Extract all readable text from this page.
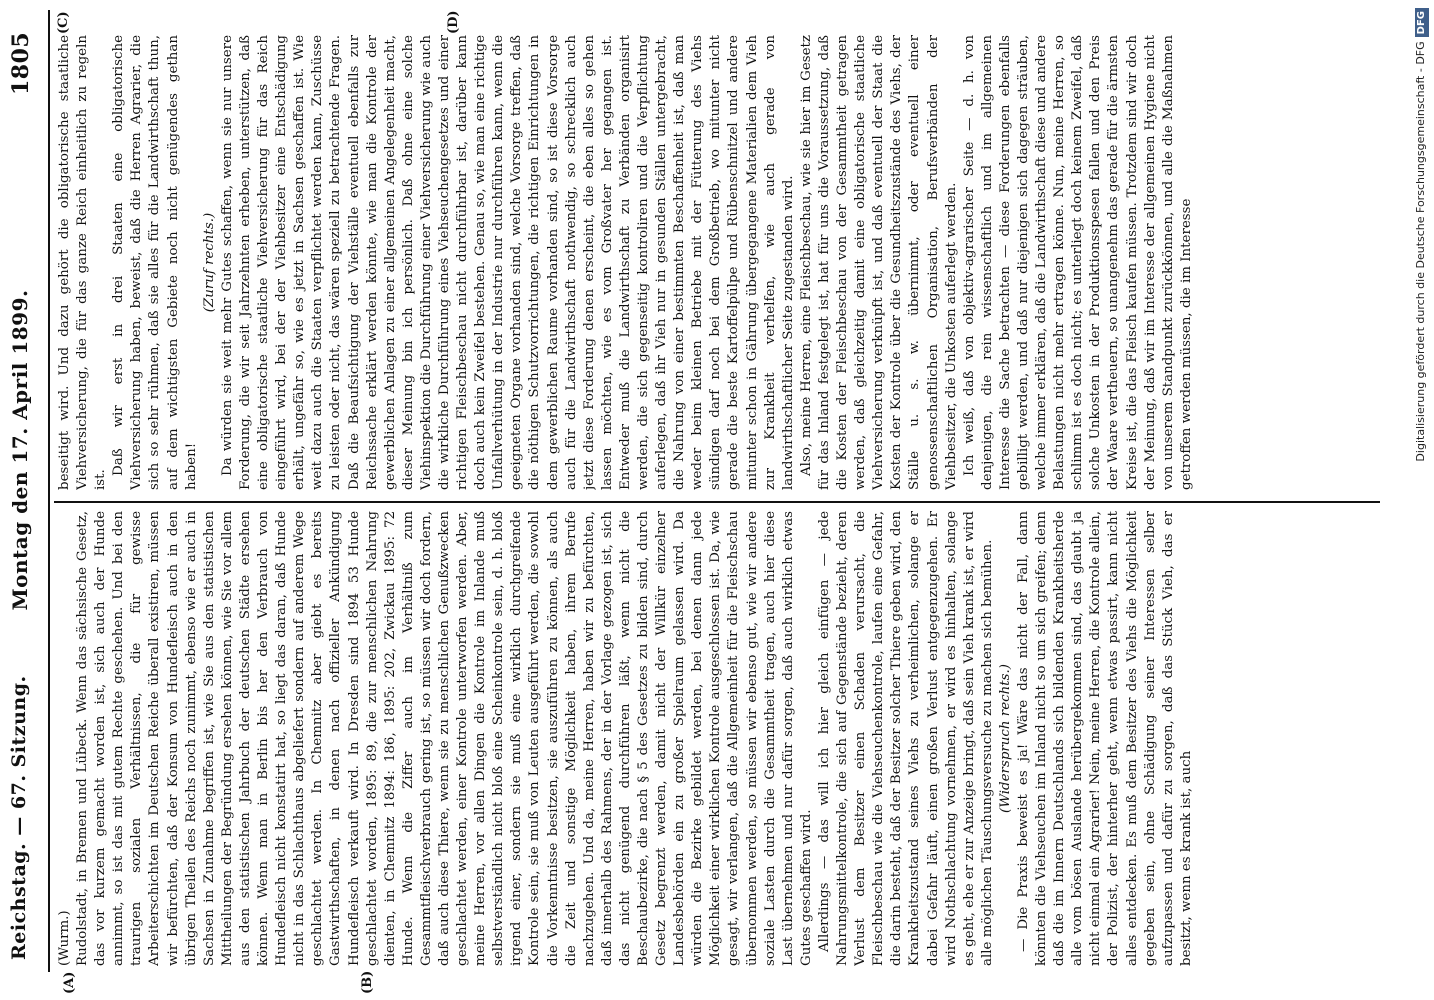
Reichstag. — 67. Sitzung.
Montag den 17. April 1899.
1805
(A)	(B)
(C)	(D)

(Wurm.) Rudolstadt, in Bremen und Lübeck. Wenn das sächsische Gesetz, das vor kurzem gemacht worden ist, sich auch der Hunde annimmt, so ist das mit gutem Rechte geschehen. Und bei den traurigen sozialen Verhältnissen, die für gewisse Arbeiterschichten im Deutschen Reiche überall existiren, müssen wir befürchten, daß der Konsum von Hundefleisch auch in den übrigen Theilen des Reichs noch zunimmt, ebenso wie er auch in Sachsen in Zunahme begriffen ist, wie Sie aus den statistischen Mittheilungen der Begründung ersehen können, wie Sie vor allem aus den statistischen Jahrbuch der deutschen Städte ersehen können. Wenn man in Berlin bis her den Verbrauch von Hundefleisch nicht konstatirt hat, so liegt das daran, daß Hunde nicht in das Schlachthaus abgeliefert sondern auf anderem Wege geschlachtet werden. In Chemnitz aber giebt es bereits Gastwirthschaften, in denen nach offizieller Ankündigung Hundefleisch verkauft wird. In Dresden sind 1894 53 Hunde geschlachtet worden, 1895: 89, die zur menschlichen Nahrung dienten, in Chemnitz 1894: 186, 1895: 202, Zwickau 1895: 72 Hunde. Wenn die Ziffer auch im Verhältniß zum Gesammtfleischverbrauch gering ist, so müssen wir doch fordern, daß auch diese Thiere, wenn sie zu menschlichen Genußzwecken geschlachtet werden, einer Kontrole unterworfen werden. Aber, meine Herren, vor allen Dingen die Kontrole im Inlande muß selbstverständlich nicht bloß eine Scheinkontrole sein, d. h. bloß irgend einer, sondern sie muß eine wirklich durchgreifende Kontrole sein, sie muß von Leuten ausgeführt werden, die sowohl die Vorkenntnisse besitzen, sie auszuführen zu können, als auch die Zeit und sonstige Möglichkeit haben, ihrem Berufe nachzugehen. Und da, meine Herren, haben wir zu befürchten, daß innerhalb des Rahmens, der in der Vorlage gezogen ist, sich das nicht genügend durchführen läßt, wenn nicht die Beschaubezirke, die nach § 5 des Gesetzes zu bilden sind, durch Gesetz begrenzt werden, damit nicht der Willkür einzelner Landesbehörden ein zu großer Spielraum gelassen wird. Da würden die Bezirke gebildet werden, bei denen dann jede Möglichkeit einer wirklichen Kontrole ausgeschlossen ist. Da, wie gesagt, wir verlangen, daß die Allgemeinheit für die Fleischschau übernommen werden, so müssen wir ebenso gut, wie wir andere soziale Lasten durch die Gesammtheit tragen, auch hier diese Last übernehmen und nur dafür sorgen, daß auch wirklich etwas Gutes geschaffen wird. Allerdings — das will ich hier gleich einfügen — jede Nahrungsmittelkontrole, die sich auf Gegenstände bezieht, deren Verlust dem Besitzer einen Schaden verursacht, die Fleischbeschau wie die Viehseuchenkontrole, laufen eine Gefahr, die darin besteht, daß der Besitzer solcher Thiere geben wird, den Krankheitszustand seines Viehs zu verheimlichen, solange er dabei Gefahr läuft, einen großen Verlust entgegenzugehen. Er wird Nothschlachtung vornehmen, er wird es hinhalten, solange es geht, ehe er zur Anzeige bringt, daß sein Vieh krank ist, er wird alle möglichen Täuschungsversuche zu machen sich bemühen. (Widerspruch rechts.) — Die Praxis beweist es ja! Wäre das nicht der Fall, dann könnten die Viehseuchen im Inland nicht so um sich greifen; denn daß die im Innern Deutschlands sich bildenden Krankheitsherde alle vom bösen Auslande herübergekommen sind, das glaubt ja nicht einmal ein Agrarier! Nein, meine Herren, die Kontrole allein, der Polizist, der hinterher geht, wenn etwas passirt, kann nicht alles entdecken. Es muß dem Besitzer des Viehs die Möglichkeit gegeben sein, ohne Schädigung seiner Interessen selber aufzupassen und dafür zu sorgen, daß das Stück Vieh, das er besitzt, wenn es krank ist, auch

beseitigt wird. Und dazu gehört die obligatorische staatliche Viehversicherung, die für das ganze Reich einheitlich zu regeln ist.

Daß wir erst in drei Staaten eine obligatorische Viehversicherung haben, beweist, daß die Herren Agrarier, die sich so sehr rühmen, daß sie alles für die Landwirthschaft thun, auf dem wichtigsten Gebiete noch nicht genügendes gethan haben!

(Zuruf rechts.) Da würden sie weit mehr Gutes schaffen, wenn sie nur unsere Forderung, die wir seit Jahrzehnten erheben, unterstützen, daß eine obligatorische staatliche Viehversicherung für das Reich eingeführt wird, bei der der Viehbesitzer eine Entschädigung erhält, ungefähr so, wie es jetzt in Sachsen geschaffen ist. Wie weit dazu auch die Staaten verpflichtet werden kann, Zuschüsse zu leisten oder nicht, das wären speziell zu betrachtende Fragen. Daß die Beaufsichtigung der Viehställe eventuell ebenfalls zur Reichssache erklärt werden könnte, wie man die Kontrole der gewerblichen Anlagen zu einer allgemeinen Angelegenheit macht, dieser Meinung bin ich persönlich. Daß ohne eine solche Viehinspektion die Durchführung einer Viehversicherung wie auch die wirkliche Durchführung eines Viehseuchengesetzes und einer richtigen Fleischbeschau nicht durchführbar ist, darüber kann doch auch kein Zweifel bestehen. Genau so, wie man eine richtige Unfallverhütung in der Industrie nur durchführen kann, wenn die geeigneten Organe vorhanden sind, welche Vorsorge treffen, daß die nöthigen Schutzvorrichtungen, die richtigen Einrichtungen in dem gewerblichen Raume vorhanden sind, so ist diese Vorsorge auch für die Landwirthschaft nothwendig, so schrecklich auch jetzt diese Forderung denen erscheint, die eben alles so gehen lassen möchten, wie es vom Großvater her gegangen ist. Entweder muß die Landwirthschaft zu Verbänden organisirt werden, die sich gegenseitig kontroliren und die Verpflichtung auferlegen, daß ihr Vieh nur in gesunden Ställen untergebracht, die Nahrung von einer bestimmten Beschaffenheit ist, daß man weder beim kleinen Betriebe mit der Fütterung des Viehs sündigen darf noch bei dem Großbetrieb, wo mitunter nicht gerade die beste Kartoffelpülpe und Rübenschnitzel und andere mitunter schon in Gährung übergegangene Materialien dem Vieh zur Krankheit verhelfen, wie auch gerade von landwirthschaftlicher Seite zugestanden wird. Also, meine Herren, eine Fleischbeschau, wie sie hier im Gesetz für das Inland festgelegt ist, hat für uns die Voraussetzung, daß die Kosten der Fleischbeschau von der Gesammtheit getragen werden, daß gleichzeitig damit eine obligatorische staatliche Viehversicherung verknüpft ist, und daß eventuell der Staat die Kosten der Kontrole über die Gesundheitszustände des Viehs, der Ställe u. s. w. übernimmt, oder eventuell einer genossenschaftlichen Organisation, Berufsverbänden der Viehbesitzer, die Unkosten auferlegt werden. Ich weiß, daß von objektiv-agrarischer Seite — d. h. von denjenigen, die rein wissenschaftlich und im allgemeinen Interesse die Sache betrachten — diese Forderungen ebenfalls gebilligt werden, und daß nur diejenigen sich dagegen sträuben, welche immer erklären, daß die Landwirthschaft diese und andere Belastungen nicht mehr ertragen könne. Nun, meine Herren, so schlimm ist es doch nicht; es unterliegt doch keinem Zweifel, daß solche Unkosten in der Produktionsspesen fallen und den Preis der Waare vertheuern, so unangenehm das gerade für die ärmsten Kreise ist, die das Fleisch kaufen müssen. Trotzdem sind wir doch der Meinung, daß wir im Interesse der allgemeinen Hygiene nicht von unserem Standpunkt zurückkönnen, und alle die Maßnahmen getroffen werden müssen, die im Interesse	Digitalisierung gefördert durch die Deutsche Forschungsgemeinschaft - DFGDFG
